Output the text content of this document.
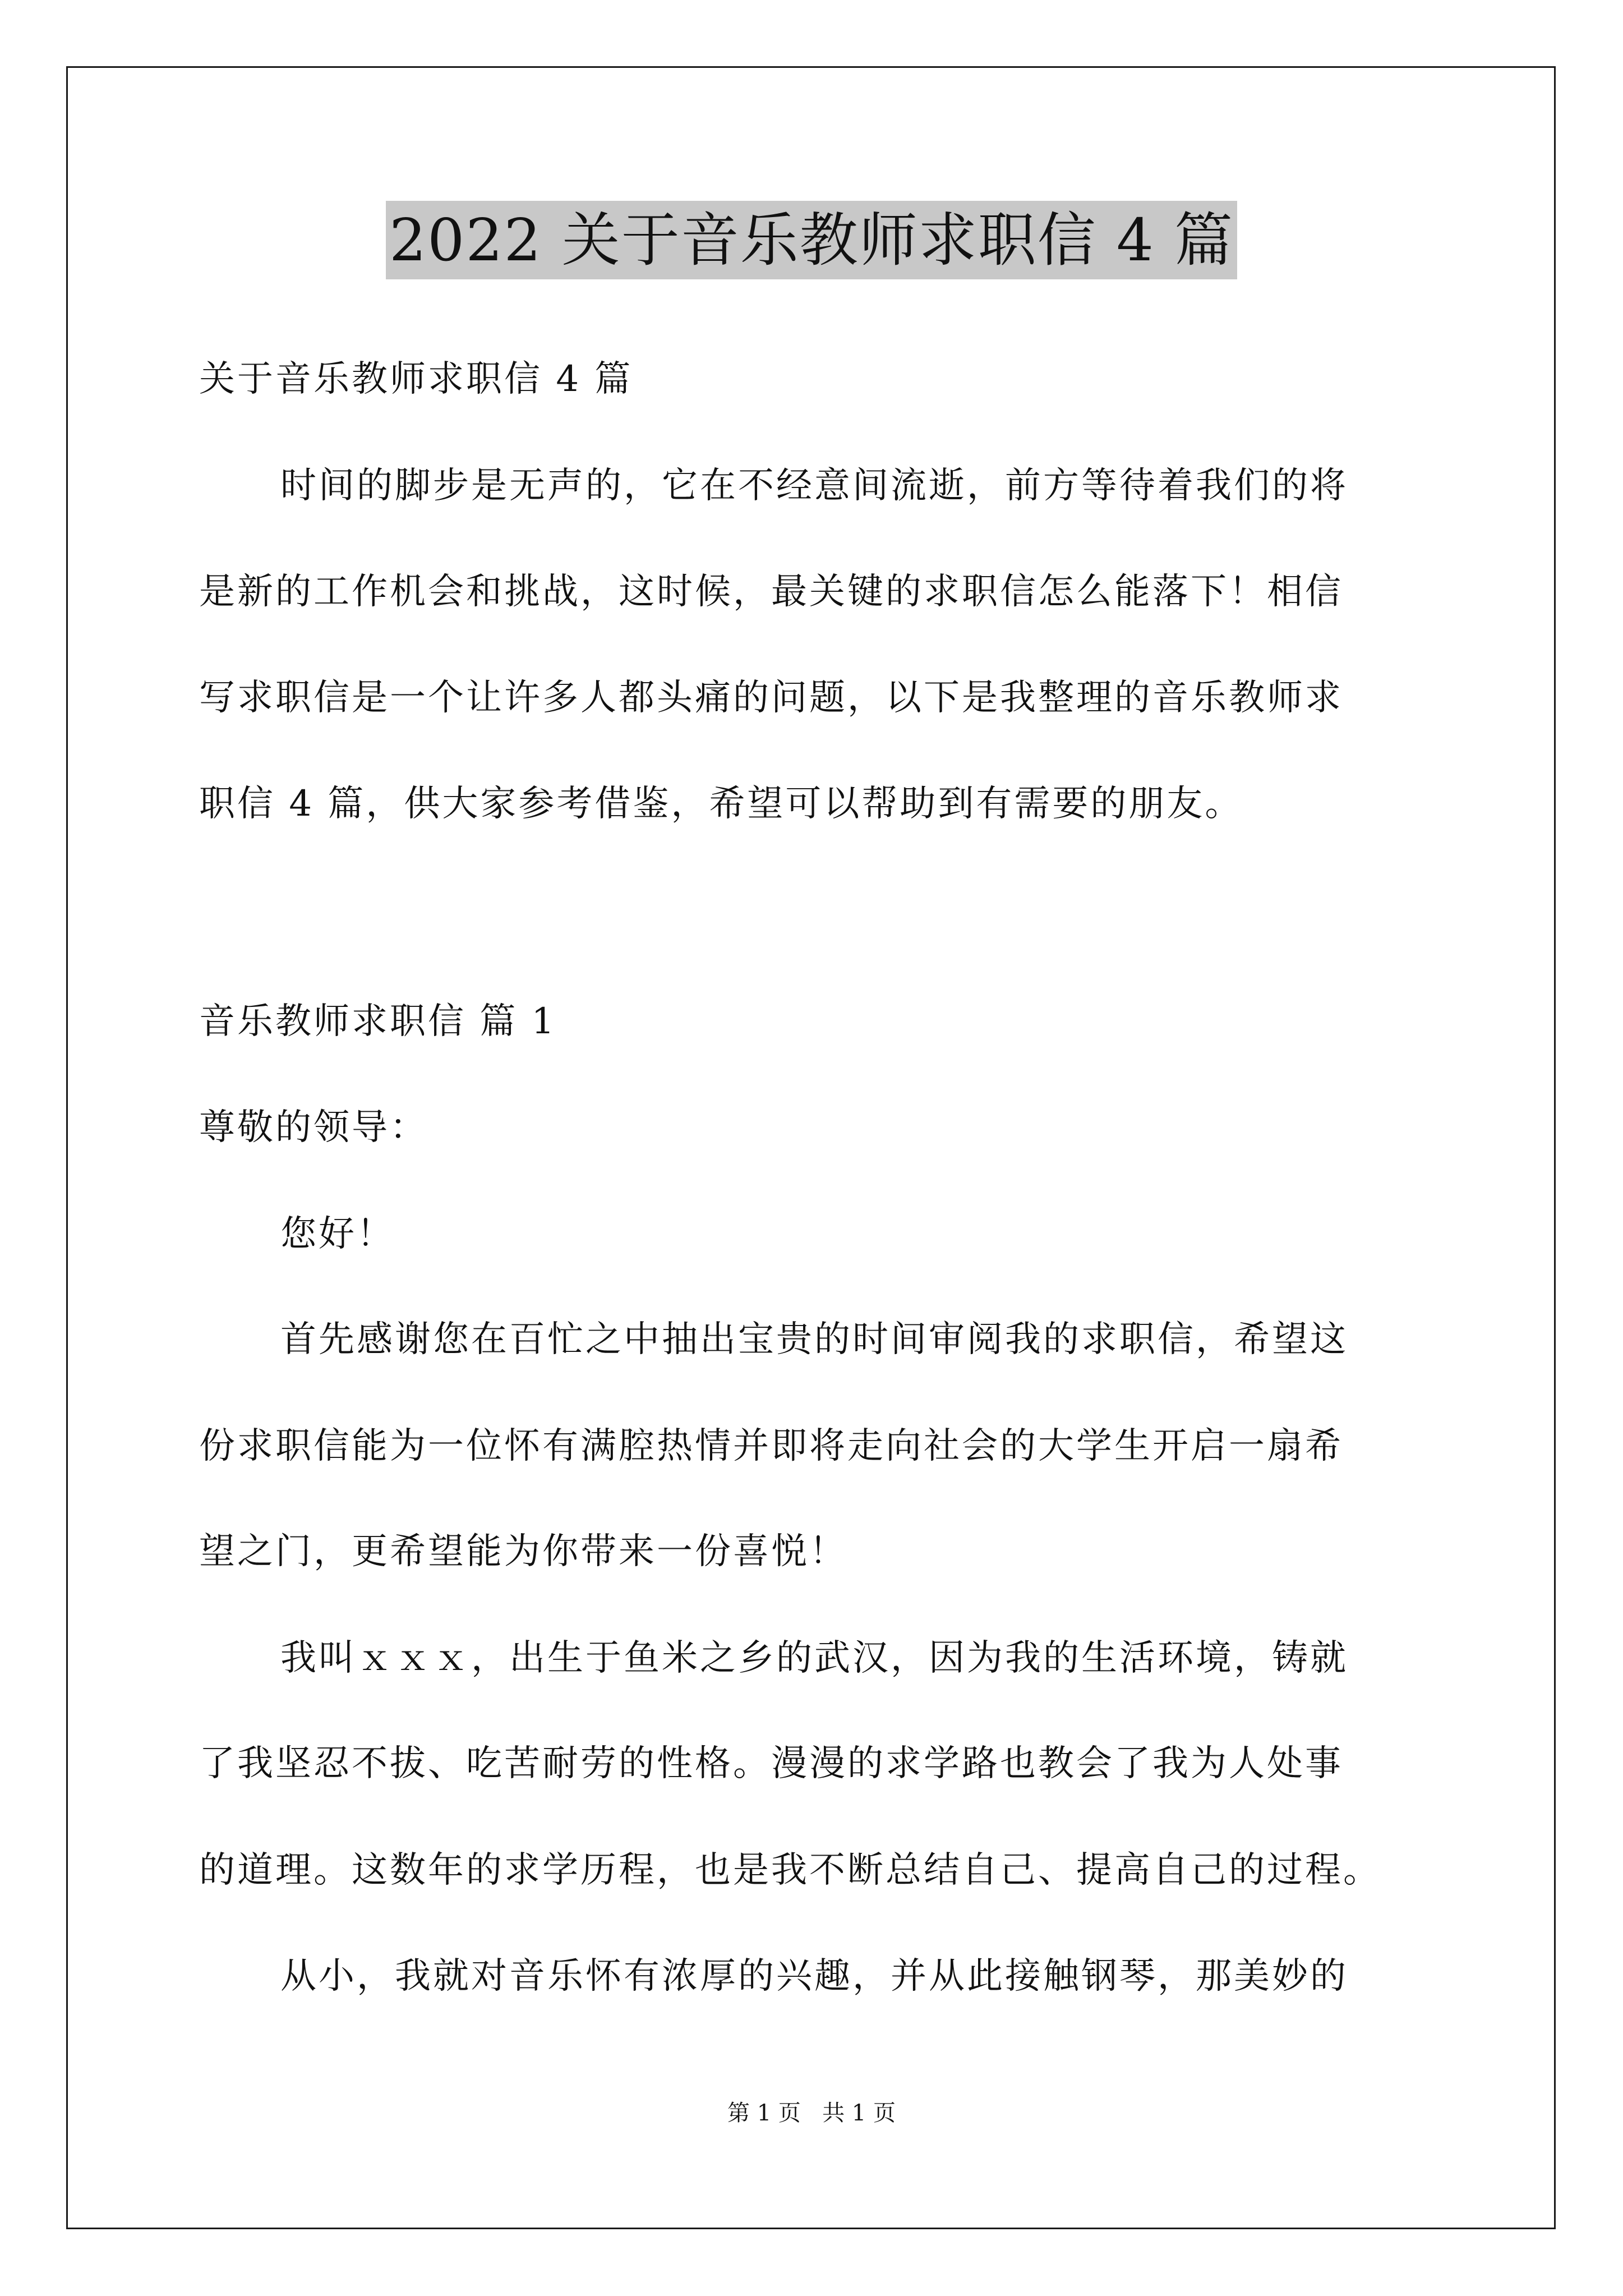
2022 关于音乐教师求职信 4 篇
关于音乐教师求职信 4 篇
时间的脚步是无声的，它在不经意间流逝，前方等待着我们的将
是新的工作机会和挑战，这时候，最关键的求职信怎么能落下！相信
写求职信是一个让许多人都头痛的问题，以下是我整理的音乐教师求
职信 4 篇，供大家参考借鉴，希望可以帮助到有需要的朋友。
音乐教师求职信 篇 1
尊敬的领导：
您好！
首先感谢您在百忙之中抽出宝贵的时间审阅我的求职信，希望这
份求职信能为一位怀有满腔热情并即将走向社会的大学生开启一扇希
望之门，更希望能为你带来一份喜悦！
我叫ｘｘｘ，出生于鱼米之乡的武汉，因为我的生活环境，铸就
了我坚忍不拔、吃苦耐劳的性格。漫漫的求学路也教会了我为人处事
的道理。这数年的求学历程，也是我不断总结自己、提高自己的过程。
从小，我就对音乐怀有浓厚的兴趣，并从此接触钢琴，那美妙的
第 1 页   共 1 页
